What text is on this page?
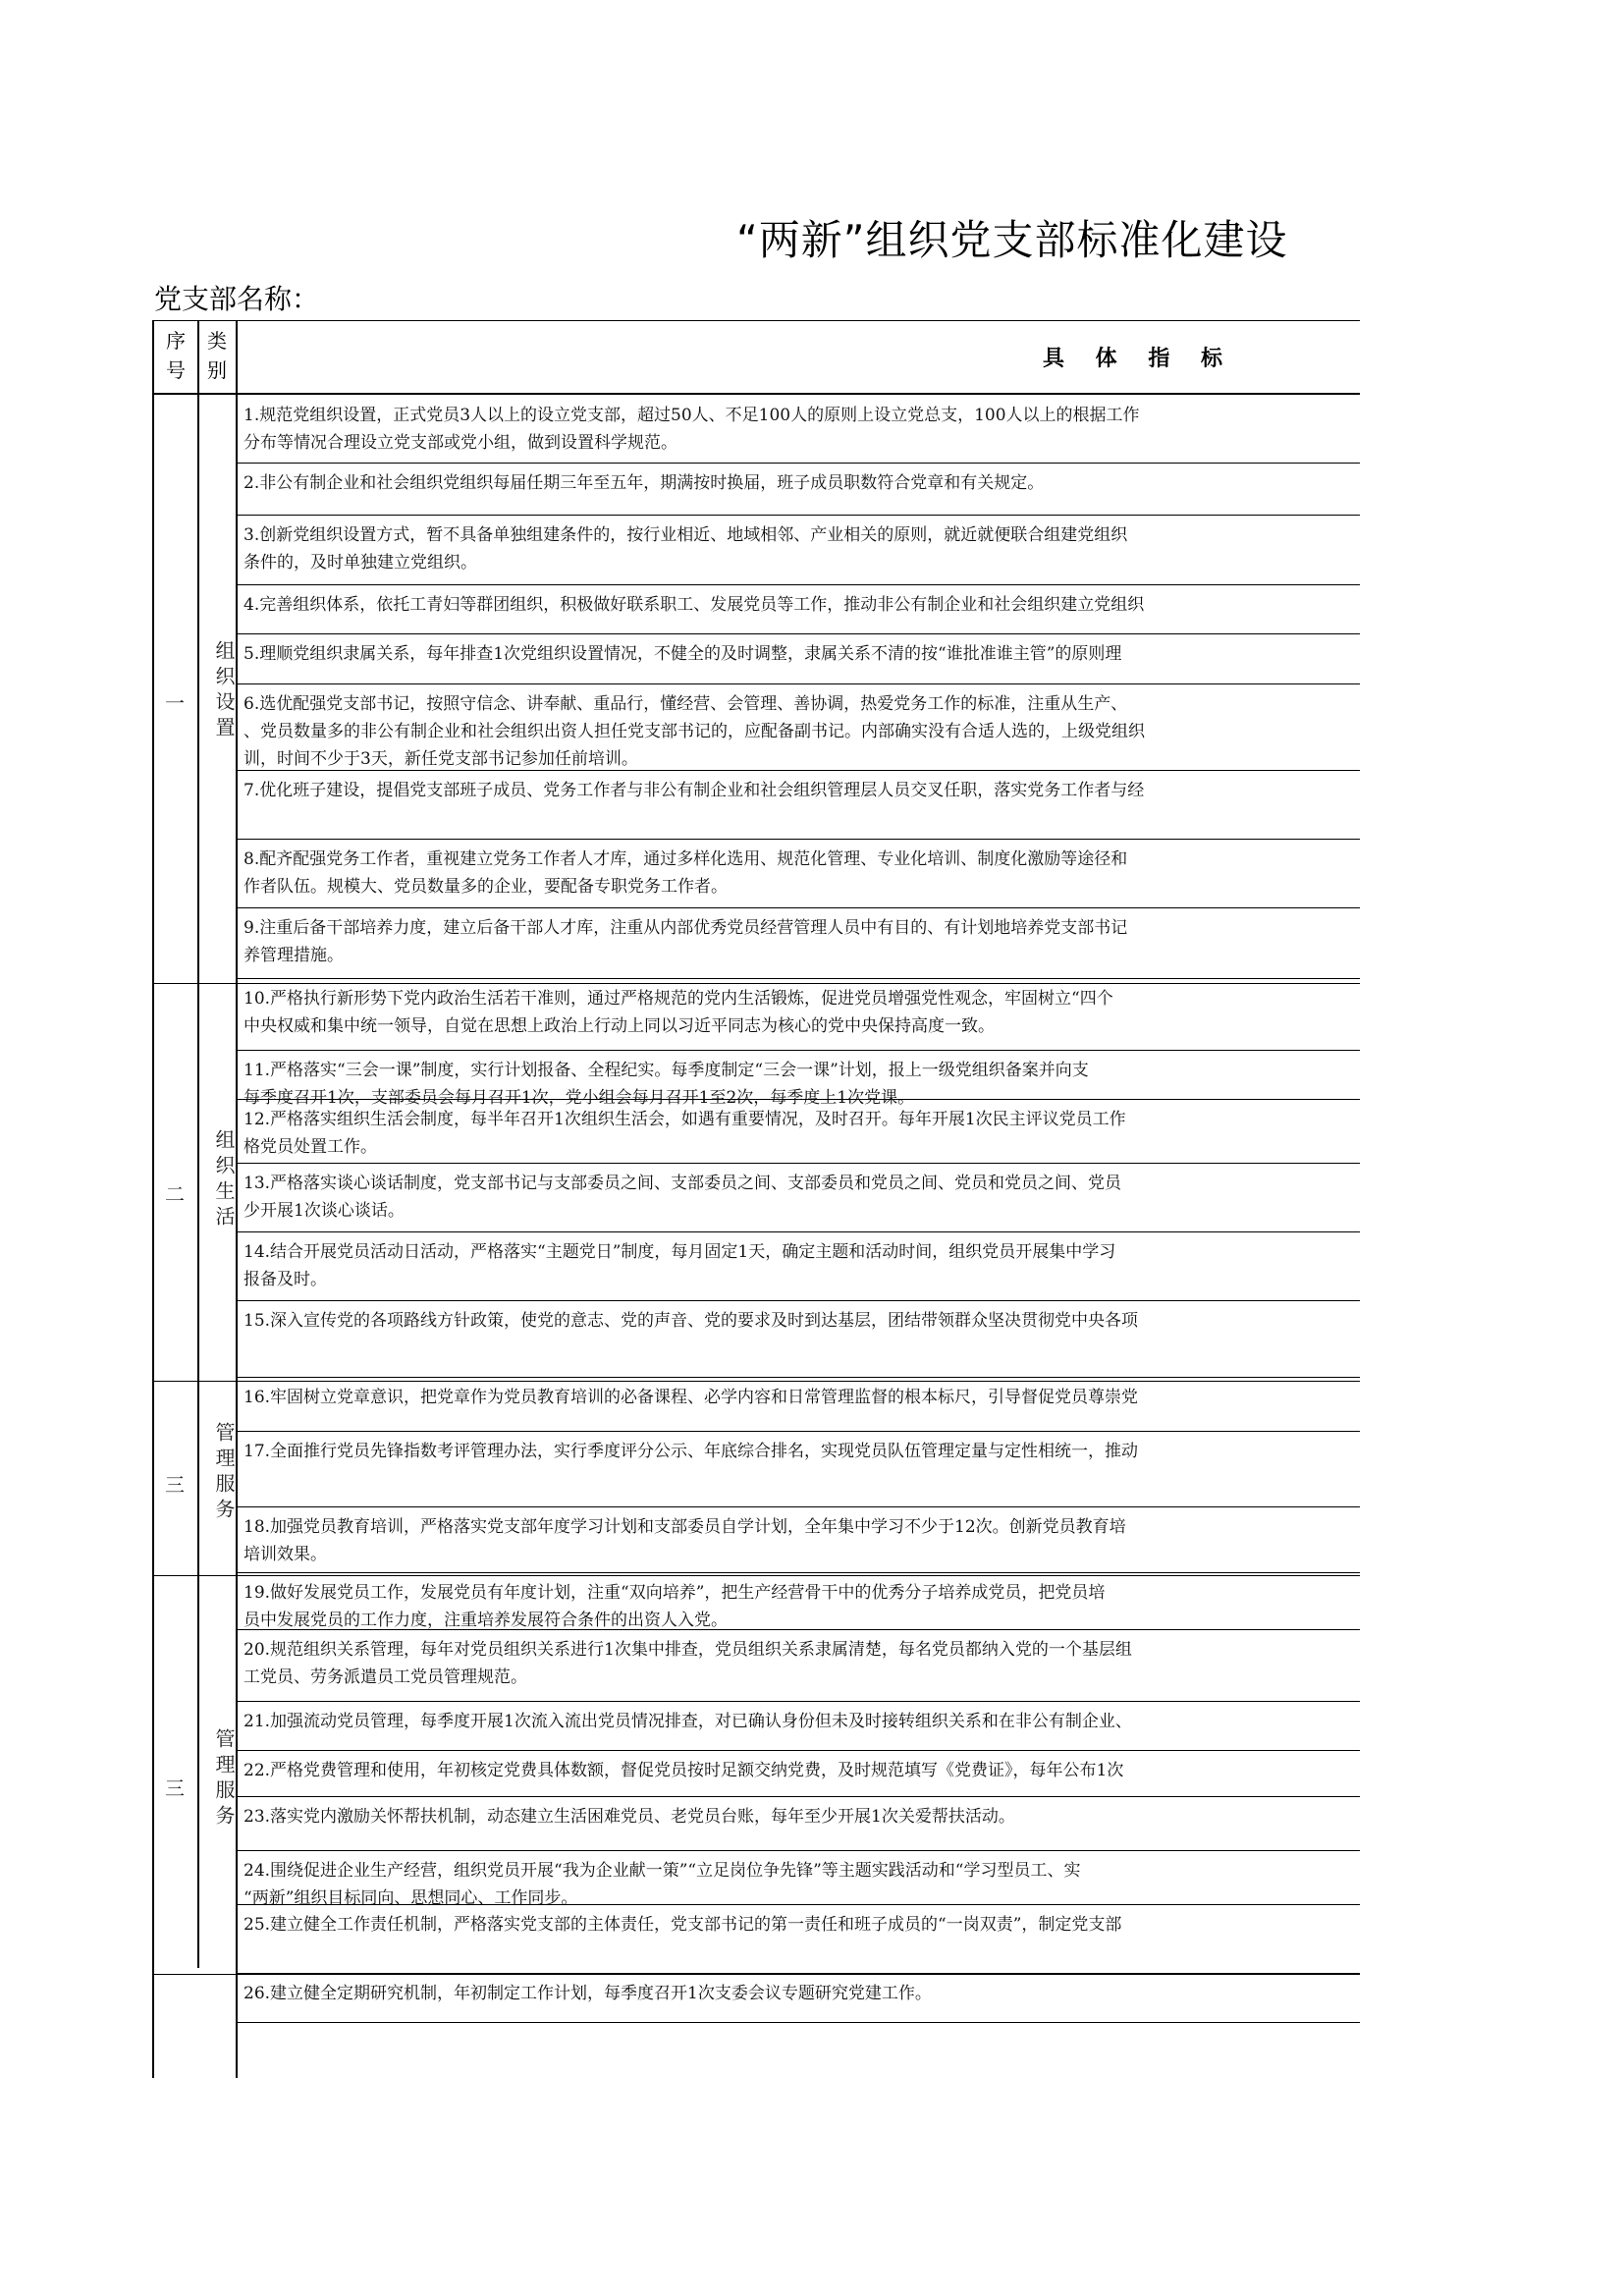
“两新”组织党支部标准化建设
党支部名称：
序号
类别	具 体 指 标
一
二
三
三
组织设置
组织生活
管理服务
管理服务
1.规范党组织设置，正式党员3人以上的设立党支部，超过50人、不足100人的原则上设立党总支，100人以上的根据工作
分布等情况合理设立党支部或党小组，做到设置科学规范。
2.非公有制企业和社会组织党组织每届任期三年至五年，期满按时换届，班子成员职数符合党章和有关规定。
3.创新党组织设置方式，暂不具备单独组建条件的，按行业相近、地域相邻、产业相关的原则，就近就便联合组建党组织
条件的，及时单独建立党组织。
4.完善组织体系，依托工青妇等群团组织，积极做好联系职工、发展党员等工作，推动非公有制企业和社会组织建立党组织
5.理顺党组织隶属关系，每年排查1次党组织设置情况，不健全的及时调整，隶属关系不清的按“谁批准谁主管”的原则理
6.选优配强党支部书记，按照守信念、讲奉献、重品行，懂经营、会管理、善协调，热爱党务工作的标准，注重从生产、
、党员数量多的非公有制企业和社会组织出资人担任党支部书记的，应配备副书记。内部确实没有合适人选的，上级党组织
训，时间不少于3天，新任党支部书记参加任前培训。
7.优化班子建设，提倡党支部班子成员、党务工作者与非公有制企业和社会组织管理层人员交叉任职，落实党务工作者与经
8.配齐配强党务工作者，重视建立党务工作者人才库，通过多样化选用、规范化管理、专业化培训、制度化激励等途径和
作者队伍。规模大、党员数量多的企业，要配备专职党务工作者。
9.注重后备干部培养力度，建立后备干部人才库，注重从内部优秀党员经营管理人员中有目的、有计划地培养党支部书记
养管理措施。
10.严格执行新形势下党内政治生活若干准则，通过严格规范的党内生活锻炼，促进党员增强党性观念，牢固树立“四个
中央权威和集中统一领导，自觉在思想上政治上行动上同以习近平同志为核心的党中央保持高度一致。
11.严格落实“三会一课”制度，实行计划报备、全程纪实。每季度制定“三会一课”计划，报上一级党组织备案并向支
每季度召开1次，支部委员会每月召开1次，党小组会每月召开1至2次，每季度上1次党课。
12.严格落实组织生活会制度，每半年召开1次组织生活会，如遇有重要情况，及时召开。每年开展1次民主评议党员工作
格党员处置工作。
13.严格落实谈心谈话制度，党支部书记与支部委员之间、支部委员之间、支部委员和党员之间、党员和党员之间、党员
少开展1次谈心谈话。
14.结合开展党员活动日活动，严格落实“主题党日”制度，每月固定1天，确定主题和活动时间，组织党员开展集中学习
报备及时。
15.深入宣传党的各项路线方针政策，使党的意志、党的声音、党的要求及时到达基层，团结带领群众坚决贯彻党中央各项
16.牢固树立党章意识，把党章作为党员教育培训的必备课程、必学内容和日常管理监督的根本标尺，引导督促党员尊崇党
17.全面推行党员先锋指数考评管理办法，实行季度评分公示、年底综合排名，实现党员队伍管理定量与定性相统一，推动
18.加强党员教育培训，严格落实党支部年度学习计划和支部委员自学计划，全年集中学习不少于12次。创新党员教育培
培训效果。
19.做好发展党员工作，发展党员有年度计划，注重“双向培养”，把生产经营骨干中的优秀分子培养成党员，把党员培
员中发展党员的工作力度，注重培养发展符合条件的出资人入党。
20.规范组织关系管理，每年对党员组织关系进行1次集中排查，党员组织关系隶属清楚，每名党员都纳入党的一个基层组
工党员、劳务派遣员工党员管理规范。
21.加强流动党员管理，每季度开展1次流入流出党员情况排查，对已确认身份但未及时接转组织关系和在非公有制企业、
22.严格党费管理和使用，年初核定党费具体数额，督促党员按时足额交纳党费，及时规范填写《党费证》，每年公布1次
23.落实党内激励关怀帮扶机制，动态建立生活困难党员、老党员台账，每年至少开展1次关爱帮扶活动。
24.围绕促进企业生产经营，组织党员开展“我为企业献一策”“立足岗位争先锋”等主题实践活动和“学习型员工、实
“两新”组织目标同向、思想同心、工作同步。
25.建立健全工作责任机制，严格落实党支部的主体责任，党支部书记的第一责任和班子成员的“一岗双责”，制定党支部
26.建立健全定期研究机制，年初制定工作计划，每季度召开1次支委会议专题研究党建工作。
